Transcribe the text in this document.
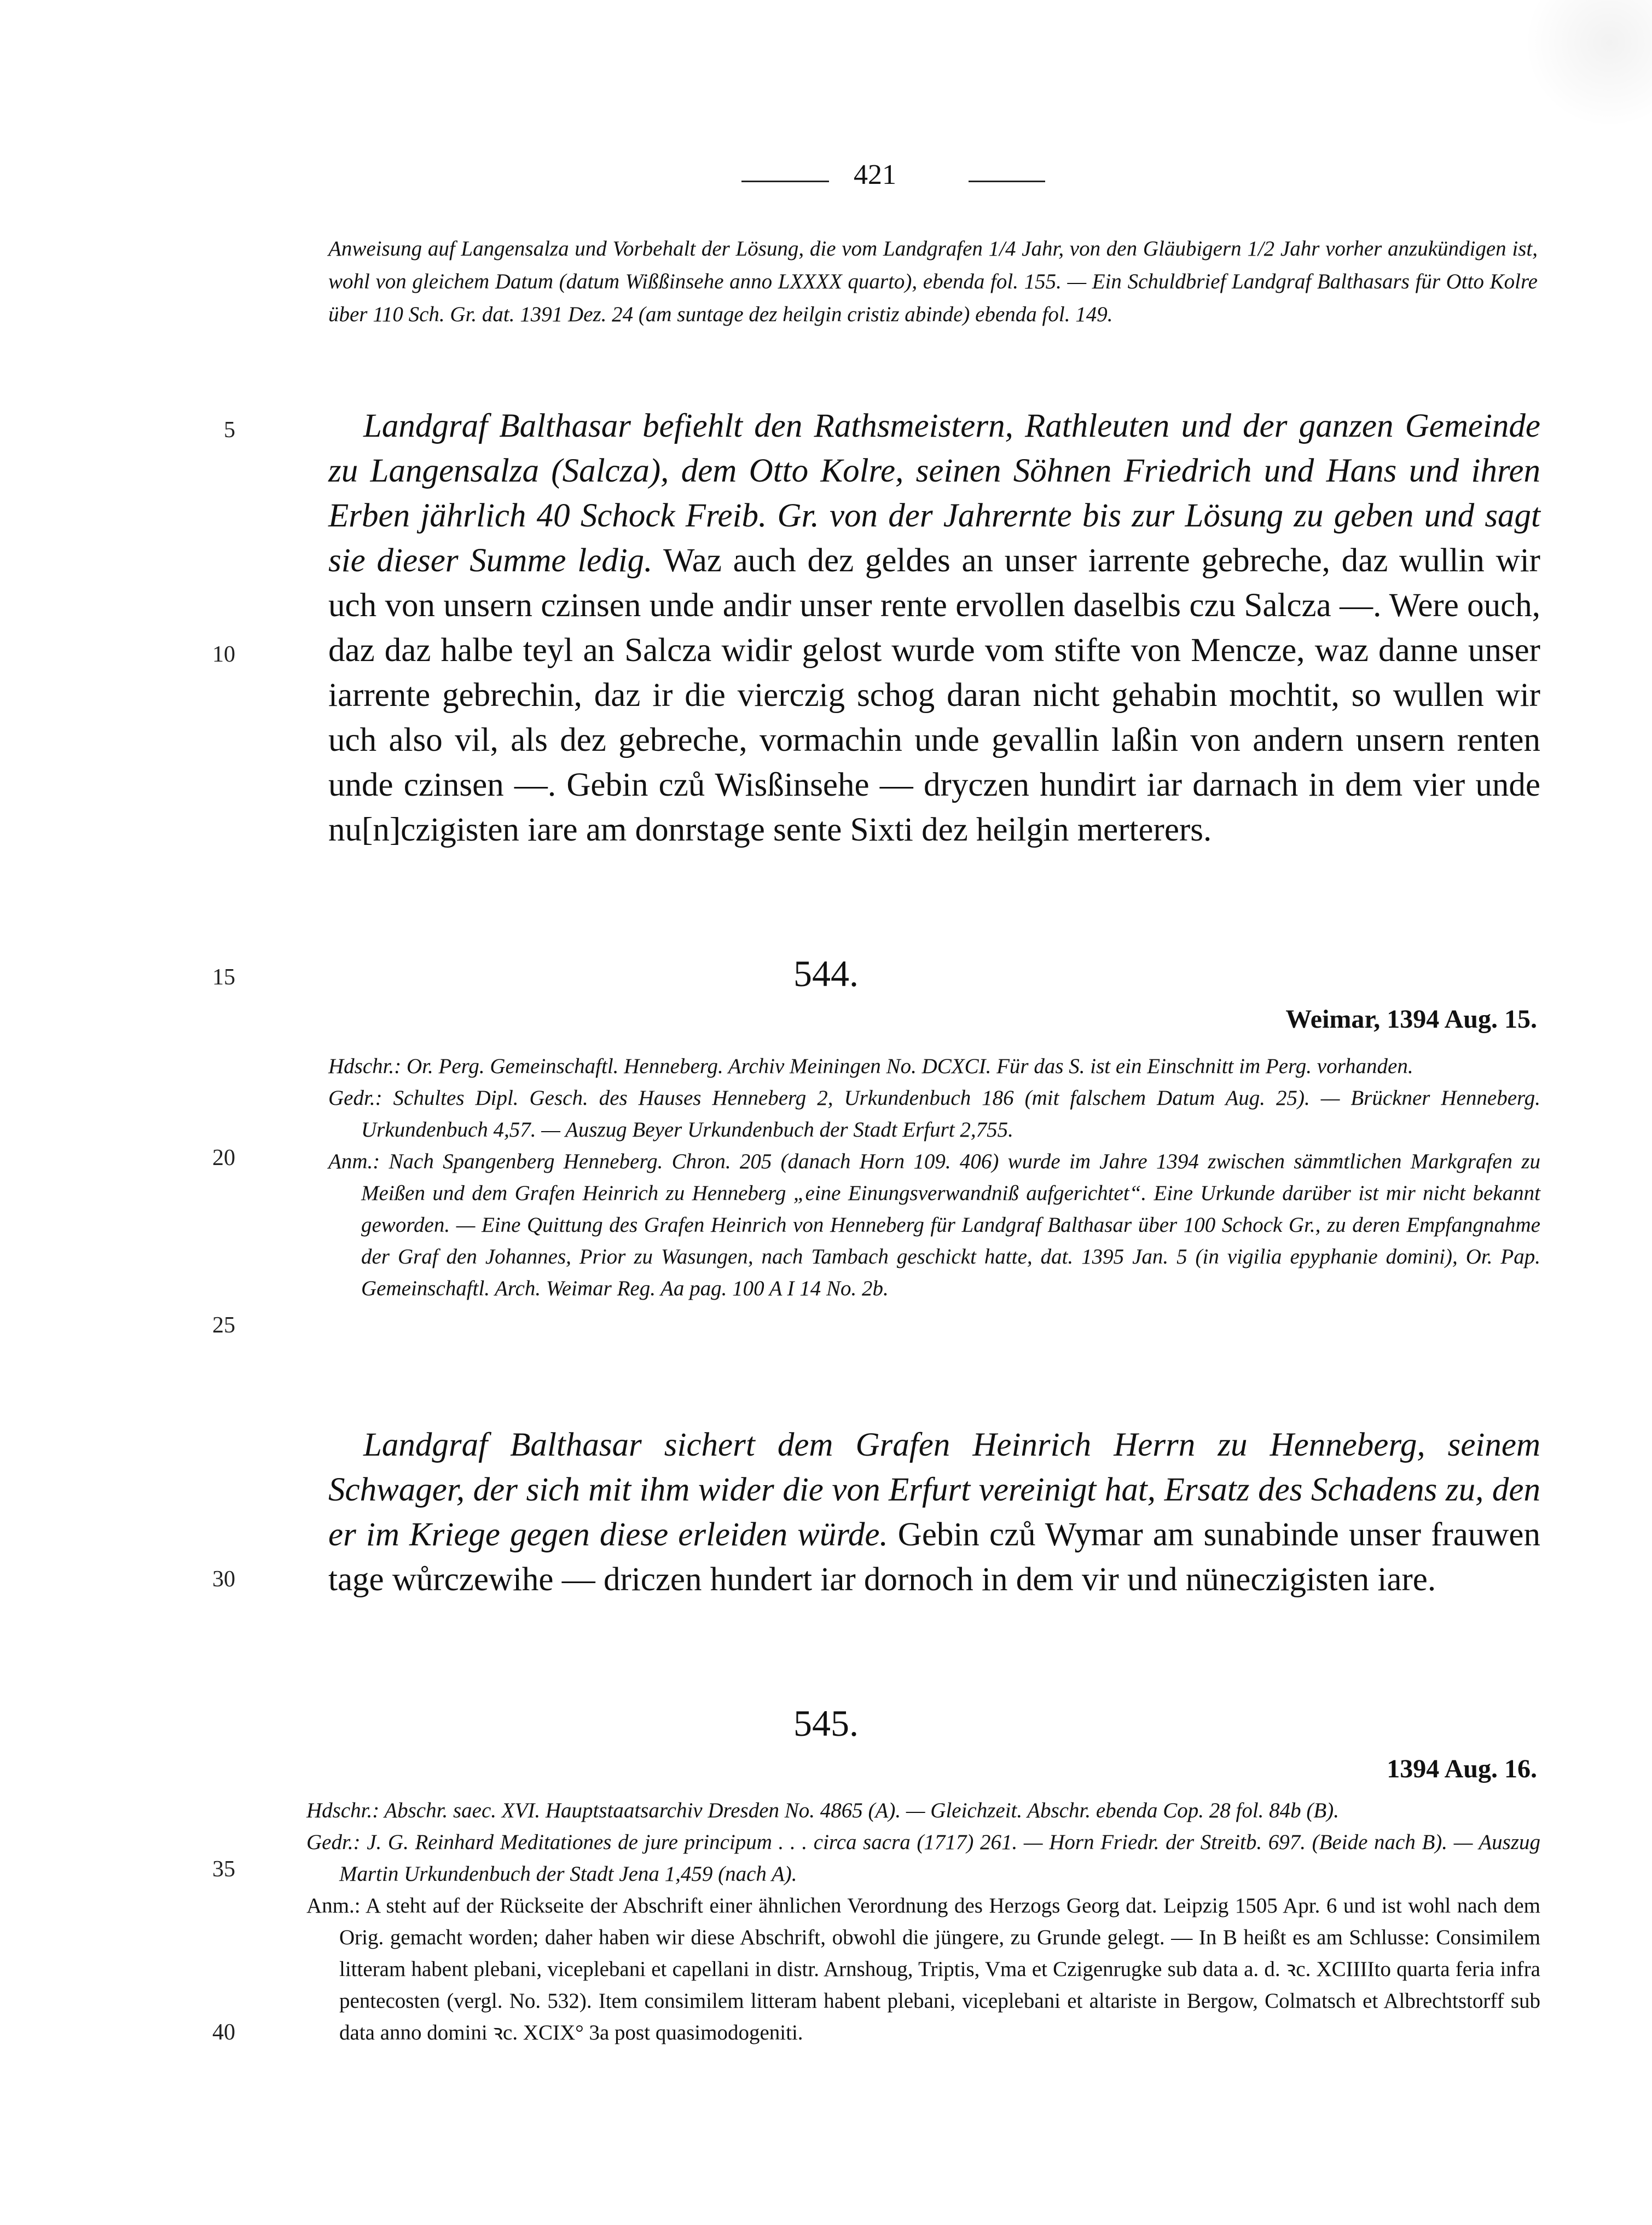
421

Anweisung auf Langensalza und Vorbehalt der Lösung, die vom Landgrafen 1/4 Jahr, von den Gläubigern 1/2 Jahr vorher anzukündigen ist, wohl von gleichem Datum (datum Wißßinsehe anno LXXXX quarto), ebenda fol. 155. — Ein Schuldbrief Landgraf Balthasars für Otto Kolre über 110 Sch. Gr. dat. 1391 Dez. 24 (am suntage dez heilgin cristiz abinde) ebenda fol. 149.

Landgraf Balthasar befiehlt den Rathsmeistern, Rathleuten und der ganzen Gemeinde zu Langensalza (Salcza), dem Otto Kolre, seinen Söhnen Friedrich und Hans und ihren Erben jährlich 40 Schock Freib. Gr. von der Jahrernte bis zur Lösung zu geben und sagt sie dieser Summe ledig. Waz auch dez geldes an unser iarrente gebreche, daz wullin wir uch von unsern czinsen unde andir unser rente ervollen daselbis czu Salcza —. Were ouch, daz daz halbe teyl an Salcza widir gelost wurde vom stifte von Mencze, waz danne unser iarrente gebrechin, daz ir die vierczig schog daran nicht gehabin mochtit, so wullen wir uch also vil, als dez gebreche, vormachin unde gevallin laßin von andern unsern renten unde czinsen —. Gebin czů Wisßinsehe — dryczen hundirt iar darnach in dem vier unde nu[n]czigisten iare am donrstage sente Sixti dez heilgin merterers.

544.
Weimar, 1394 Aug. 15.

Hdschr.: Or. Perg. Gemeinschaftl. Henneberg. Archiv Meiningen No. DCXCI. Für das S. ist ein Einschnitt im Perg. vorhanden.

Gedr.: Schultes Dipl. Gesch. des Hauses Henneberg 2, Urkundenbuch 186 (mit falschem Datum Aug. 25). — Brückner Henneberg. Urkundenbuch 4,57. — Auszug Beyer Urkundenbuch der Stadt Erfurt 2,755.

Anm.: Nach Spangenberg Henneberg. Chron. 205 (danach Horn 109. 406) wurde im Jahre 1394 zwischen sämmtlichen Markgrafen zu Meißen und dem Grafen Heinrich zu Henneberg „eine Einungsverwandniß aufgerichtet“. Eine Urkunde darüber ist mir nicht bekannt geworden. — Eine Quittung des Grafen Heinrich von Henneberg für Landgraf Balthasar über 100 Schock Gr., zu deren Empfangnahme der Graf den Johannes, Prior zu Wasungen, nach Tambach geschickt hatte, dat. 1395 Jan. 5 (in vigilia epyphanie domini), Or. Pap. Gemeinschaftl. Arch. Weimar Reg. Aa pag. 100 A I 14 No. 2b.

Landgraf Balthasar sichert dem Grafen Heinrich Herrn zu Henneberg, seinem Schwager, der sich mit ihm wider die von Erfurt vereinigt hat, Ersatz des Schadens zu, den er im Kriege gegen diese erleiden würde. Gebin czů Wymar am sunabinde unser frauwen tage wůrczewihe — driczen hundert iar dornoch in dem vir und nüneczigisten iare.

545.
1394 Aug. 16.

Hdschr.: Abschr. saec. XVI. Hauptstaatsarchiv Dresden No. 4865 (A). — Gleichzeit. Abschr. ebenda Cop. 28 fol. 84b (B).

Gedr.: J. G. Reinhard Meditationes de jure principum . . . circa sacra (1717) 261. — Horn Friedr. der Streitb. 697. (Beide nach B). — Auszug Martin Urkundenbuch der Stadt Jena 1,459 (nach A).

Anm.: A steht auf der Rückseite der Abschrift einer ähnlichen Verordnung des Herzogs Georg dat. Leipzig 1505 Apr. 6 und ist wohl nach dem Orig. gemacht worden; daher haben wir diese Abschrift, obwohl die jüngere, zu Grunde gelegt. — In B heißt es am Schlusse: Consimilem litteram habent plebani, viceplebani et capellani in distr. Arnshoug, Triptis, Vma et Czigenrugke sub data a. d. ꝛc. XCIIIIto quarta feria infra pentecosten (vergl. No. 532). Item consimilem litteram habent plebani, viceplebani et altariste in Bergow, Colmatsch et Albrechtstorff sub data anno domini ꝛc. XCIX° 3a post quasimodogeniti.

5
10
15
20
25
30
35
40
